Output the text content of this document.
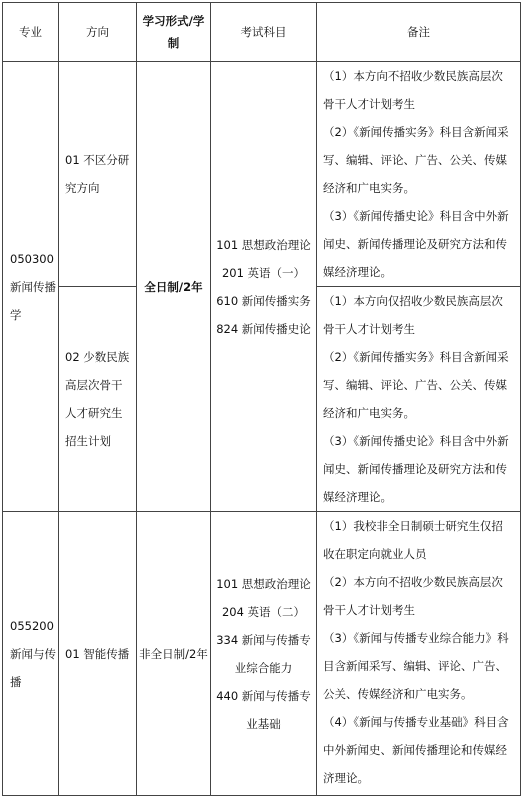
专业	方向	学习形式/学制	考试科目	备注

050300
新闻传播学	01 不区分研究方向	全日制/2年	101 思想政治理论
201 英语（一）
610 新闻传播实务
824 新闻传播史论	（1）本方向不招收少数民族高层次骨干人才计划考生
（2）《新闻传播实务》科目含新闻采写、编辑、评论、广告、公关、传媒经济和广电实务。
（3）《新闻传播史论》科目含中外新闻史、新闻传播理论及研究方法和传媒经济理论。

	02 少数民族高层次骨干人才研究生招生计划			（1）本方向仅招收少数民族高层次骨干人才计划考生
（2）《新闻传播实务》科目含新闻采写、编辑、评论、广告、公关、传媒经济和广电实务。
（3）《新闻传播史论》科目含中外新闻史、新闻传播理论及研究方法和传媒经济理论。

055200
新闻与传播	01 智能传播	非全日制/2年	101 思想政治理论
204 英语（二）
334 新闻与传播专业综合能力
440 新闻与传播专业基础	（1）我校非全日制硕士研究生仅招收在职定向就业人员
（2）本方向不招收少数民族高层次骨干人才计划考生
（3）《新闻与传播专业综合能力》科目含新闻采写、编辑、评论、广告、公关、传媒经济和广电实务。
（4）《新闻与传播专业基础》科目含中外新闻史、新闻传播理论和传媒经济理论。
